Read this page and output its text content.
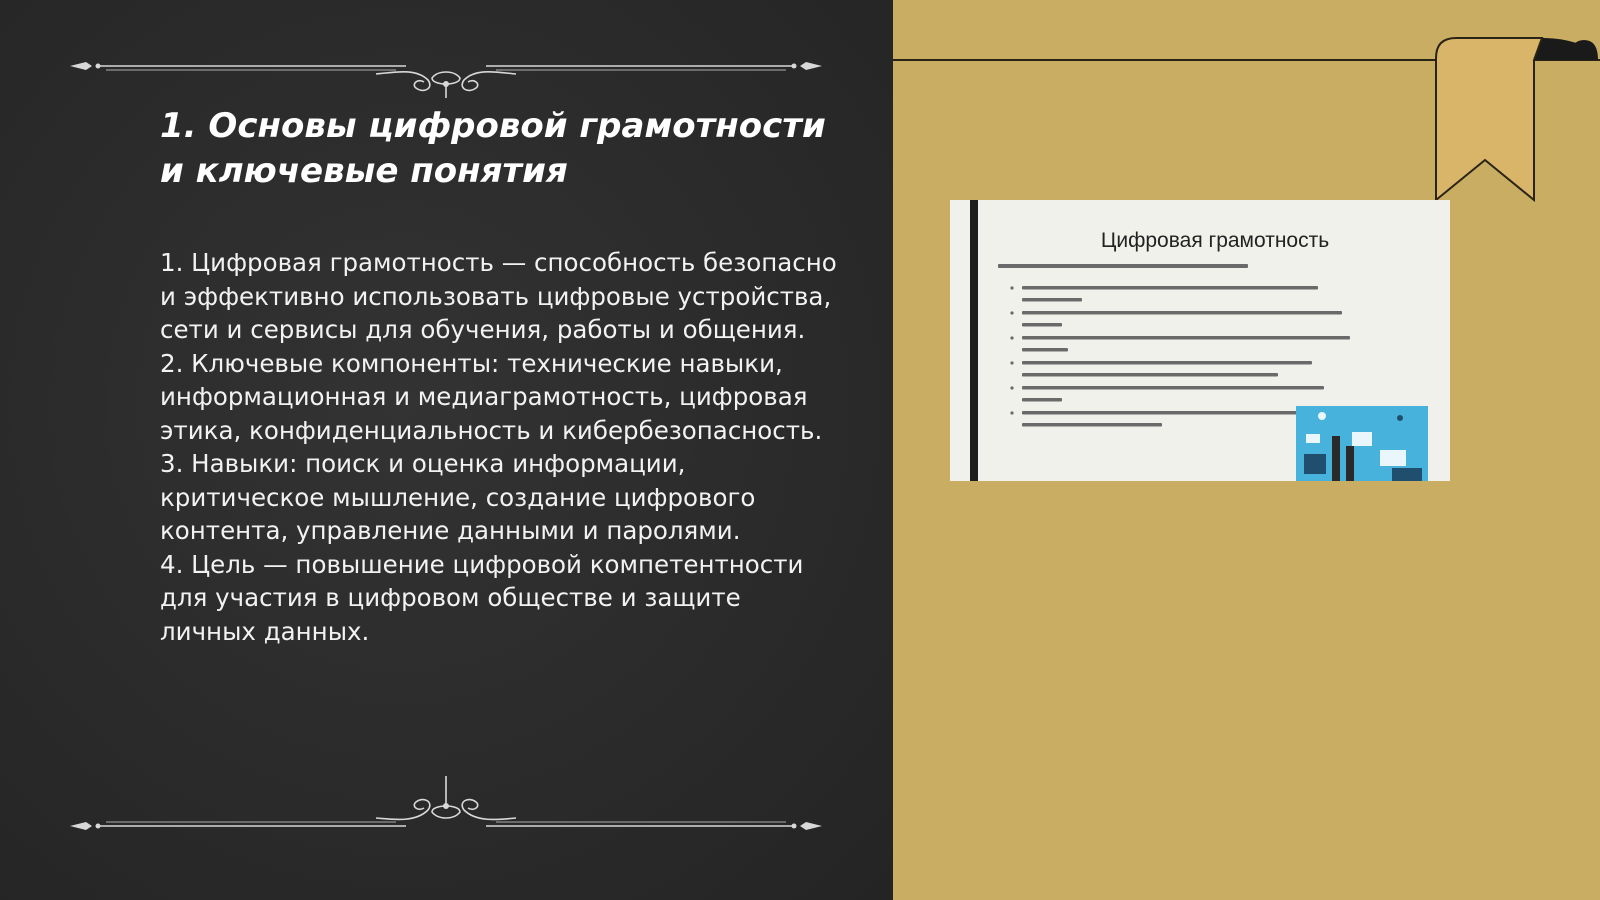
1. Основы цифровой грамотности
и ключевые понятия

1. Цифровая грамотность — способность безопасно и эффективно использовать цифровые устройства, сети и сервисы для обучения, работы и общения.

2. Ключевые компоненты: технические навыки, информационная и медиаграмотность, цифровая этика, конфиденциальность и кибербезопасность.

3. Навыки: поиск и оценка информации, критическое мышление, создание цифрового контента, управление данными и паролями.

4. Цель — повышение цифровой компетентности для участия в цифровом обществе и защите личных данных.

Цифровая грамотность
